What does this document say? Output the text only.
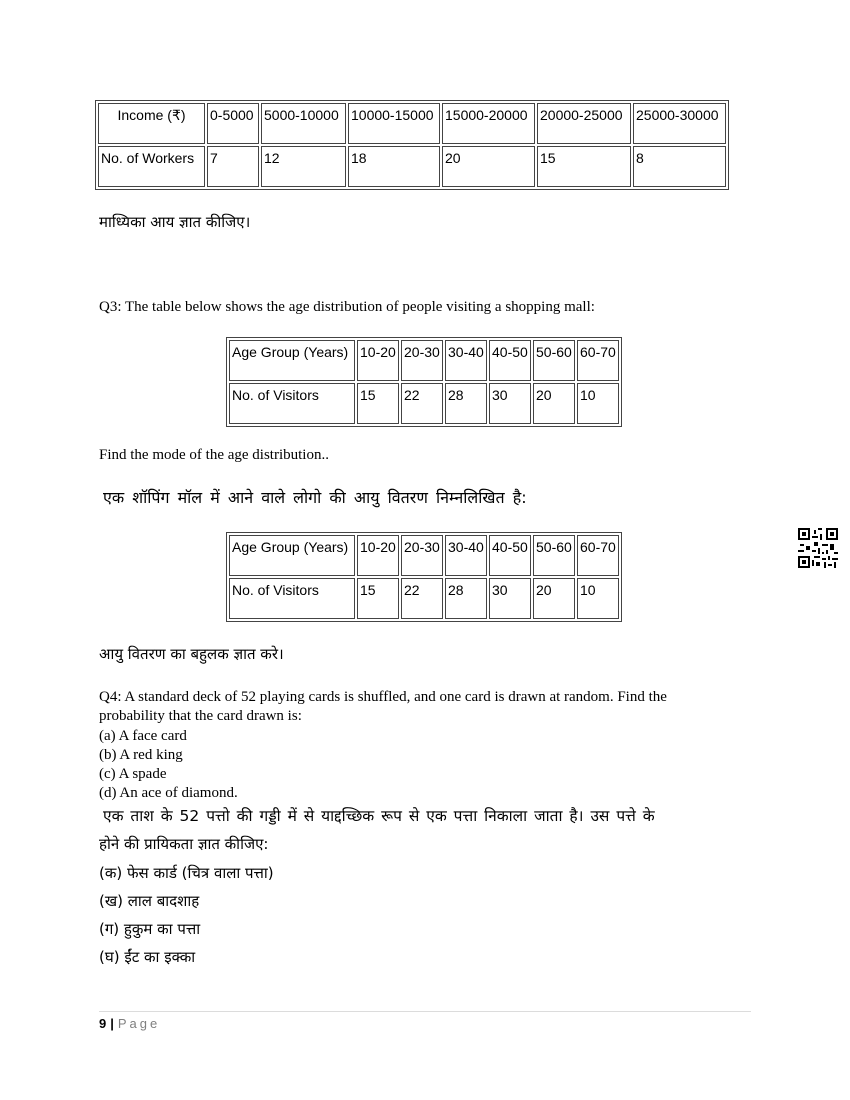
Income (₹)	0-5000	5000-10000	10000-15000	15000-20000	20000-25000	25000-30000
No. of Workers	7	12	18	20	15	8
माध्यिका आय ज्ञात कीजिए।
Q3: The table below shows the age distribution of people visiting a shopping mall:
Age Group (Years)	10-20	20-30	30-40	40-50	50-60	60-70
No. of Visitors	15	22	28	30	20	10
Find the mode of the age distribution..
एक शॉपिंग मॉल में आने वाले लोगो की आयु वितरण निम्नलिखित है:
Age Group (Years)	10-20	20-30	30-40	40-50	50-60	60-70
No. of Visitors	15	22	28	30	20	10
आयु वितरण का बहुलक ज्ञात करे।
Q4: A standard deck of 52 playing cards is shuffled, and one card is drawn at random. Find the
probability that the card drawn is:
(a) A face card
(b) A red king
(c) A spade
(d) An ace of diamond.
एक ताश के 52 पत्तो की गड्डी में से याद्दच्छिक रूप से एक पत्ता निकाला जाता है। उस पत्ते के
होने की प्रायिकता ज्ञात कीजिए:
(क) फेस कार्ड (चित्र वाला पत्ता)
(ख) लाल बादशाह
(ग) हुकुम का पत्ता
(घ) ईंट का इक्का
9 | Page
